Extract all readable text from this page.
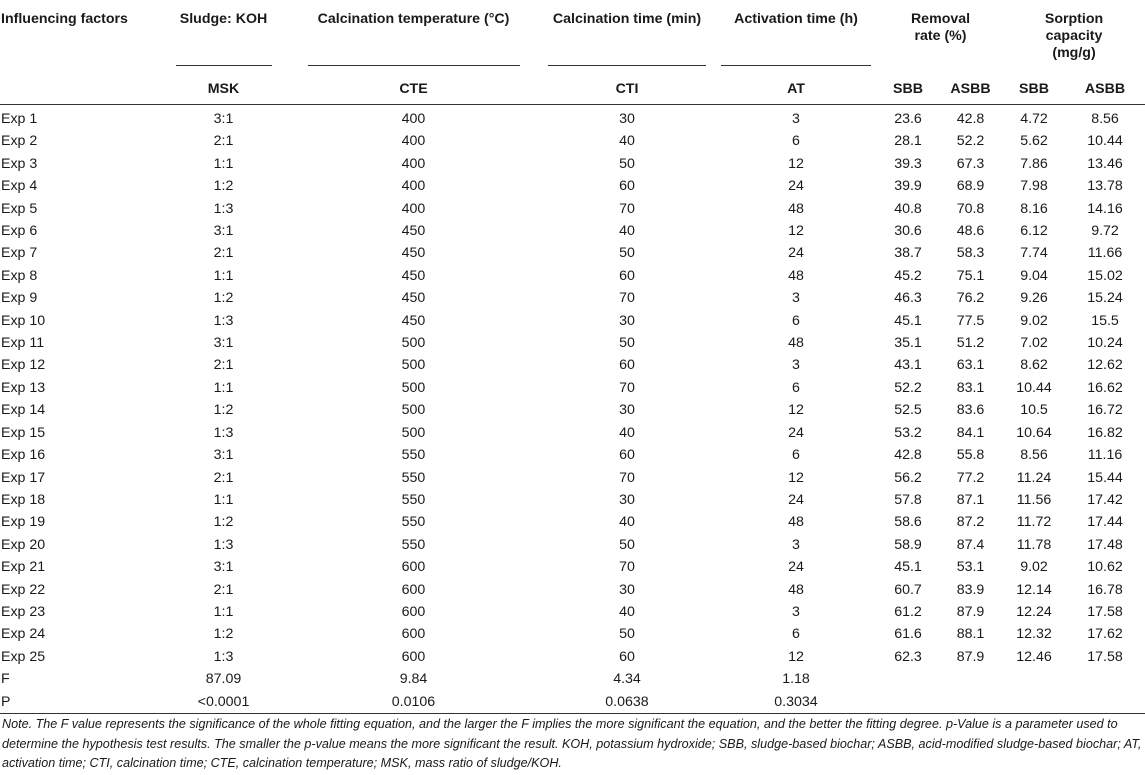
Influencing factors	Sludge: KOH	Calcination temperature (°C)	Calcination time (min)	Activation time (h)	Removal
rate (%)		Sorption
capacity
(mg/g)	

	MSK	CTE	CTI	AT	SBB	ASBB	SBB	ASBB
Exp 1	3:1	400	30	3	23.6	42.8	4.72	8.56
Exp 2	2:1	400	40	6	28.1	52.2	5.62	10.44
Exp 3	1:1	400	50	12	39.3	67.3	7.86	13.46
Exp 4	1:2	400	60	24	39.9	68.9	7.98	13.78
Exp 5	1:3	400	70	48	40.8	70.8	8.16	14.16
Exp 6	3:1	450	40	12	30.6	48.6	6.12	9.72
Exp 7	2:1	450	50	24	38.7	58.3	7.74	11.66
Exp 8	1:1	450	60	48	45.2	75.1	9.04	15.02
Exp 9	1:2	450	70	3	46.3	76.2	9.26	15.24
Exp 10	1:3	450	30	6	45.1	77.5	9.02	15.5
Exp 11	3:1	500	50	48	35.1	51.2	7.02	10.24
Exp 12	2:1	500	60	3	43.1	63.1	8.62	12.62
Exp 13	1:1	500	70	6	52.2	83.1	10.44	16.62
Exp 14	1:2	500	30	12	52.5	83.6	10.5	16.72
Exp 15	1:3	500	40	24	53.2	84.1	10.64	16.82
Exp 16	3:1	550	60	6	42.8	55.8	8.56	11.16
Exp 17	2:1	550	70	12	56.2	77.2	11.24	15.44
Exp 18	1:1	550	30	24	57.8	87.1	11.56	17.42
Exp 19	1:2	550	40	48	58.6	87.2	11.72	17.44
Exp 20	1:3	550	50	3	58.9	87.4	11.78	17.48
Exp 21	3:1	600	70	24	45.1	53.1	9.02	10.62
Exp 22	2:1	600	30	48	60.7	83.9	12.14	16.78
Exp 23	1:1	600	40	3	61.2	87.9	12.24	17.58
Exp 24	1:2	600	50	6	61.6	88.1	12.32	17.62
Exp 25	1:3	600	60	12	62.3	87.9	12.46	17.58
F	87.09	9.84	4.34	1.18				
P	<0.0001	0.0106	0.0638	0.3034				
Note. The F value represents the significance of the whole fitting equation, and the larger the F implies the more significant the equation, and the better the fitting degree. p-Value is a parameter used to determine the hypothesis test results. The smaller the p-value means the more significant the result. KOH, potassium hydroxide; SBB, sludge-based biochar; ASBB, acid-modified sludge-based biochar; AT, activation time; CTI, calcination time; CTE, calcination temperature; MSK, mass ratio of sludge/KOH.
